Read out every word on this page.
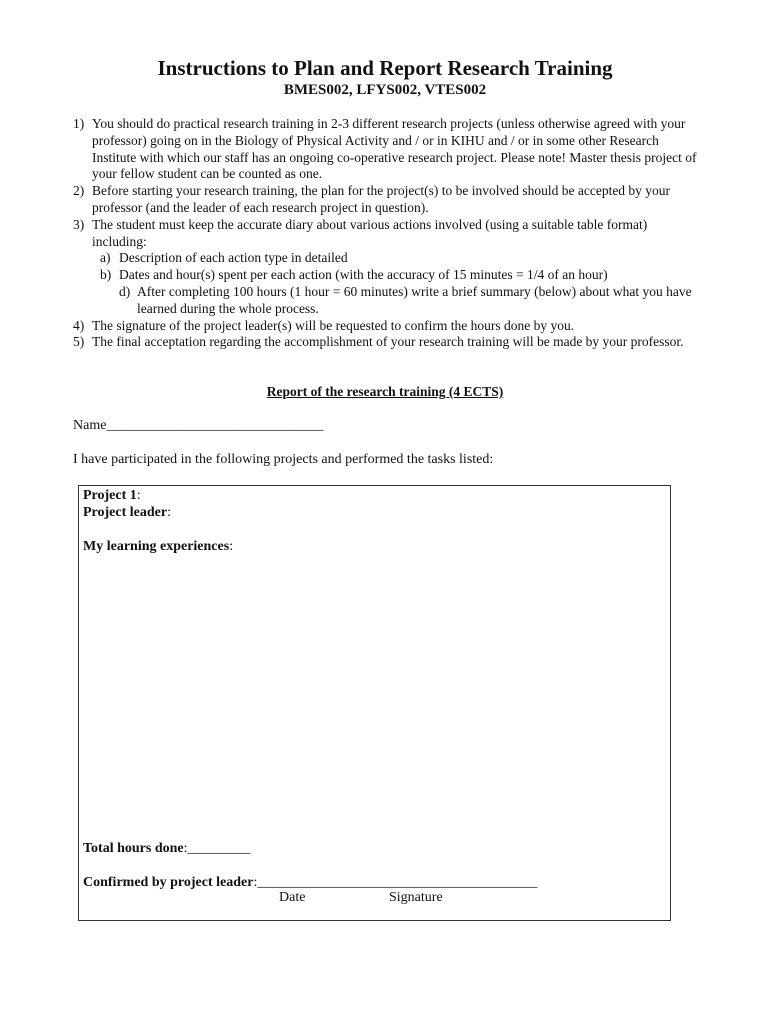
Instructions to Plan and Report Research Training
BMES002, LFYS002, VTES002
1) You should do practical research training in 2-3 different research projects (unless otherwise agreed with your professor) going on in the Biology of Physical Activity and / or in KIHU and / or in some other Research Institute with which our staff has an ongoing co-operative research project. Please note! Master thesis project of your fellow student can be counted as one.
2) Before starting your research training, the plan for the project(s) to be involved should be accepted by your professor (and the leader of each research project in question).
3) The student must keep the accurate diary about various actions involved (using a suitable table format) including:
a) Description of each action type in detailed
b) Dates and hour(s) spent per each action (with the accuracy of 15 minutes = 1/4 of an hour)
d) After completing 100 hours (1 hour = 60 minutes) write a brief summary (below) about what you have learned during the whole process.
4) The signature of the project leader(s) will be requested to confirm the hours done by you.
5) The final acceptation regarding the accomplishment of your research training will be made by your professor.
Report of the research training (4 ECTS)
Name_______________________________
I have participated in the following projects and performed the tasks listed:
Project 1:
Project leader:
My learning experiences:
Total hours done:_________
Confirmed by project leader:________________________________________
Date	Signature
